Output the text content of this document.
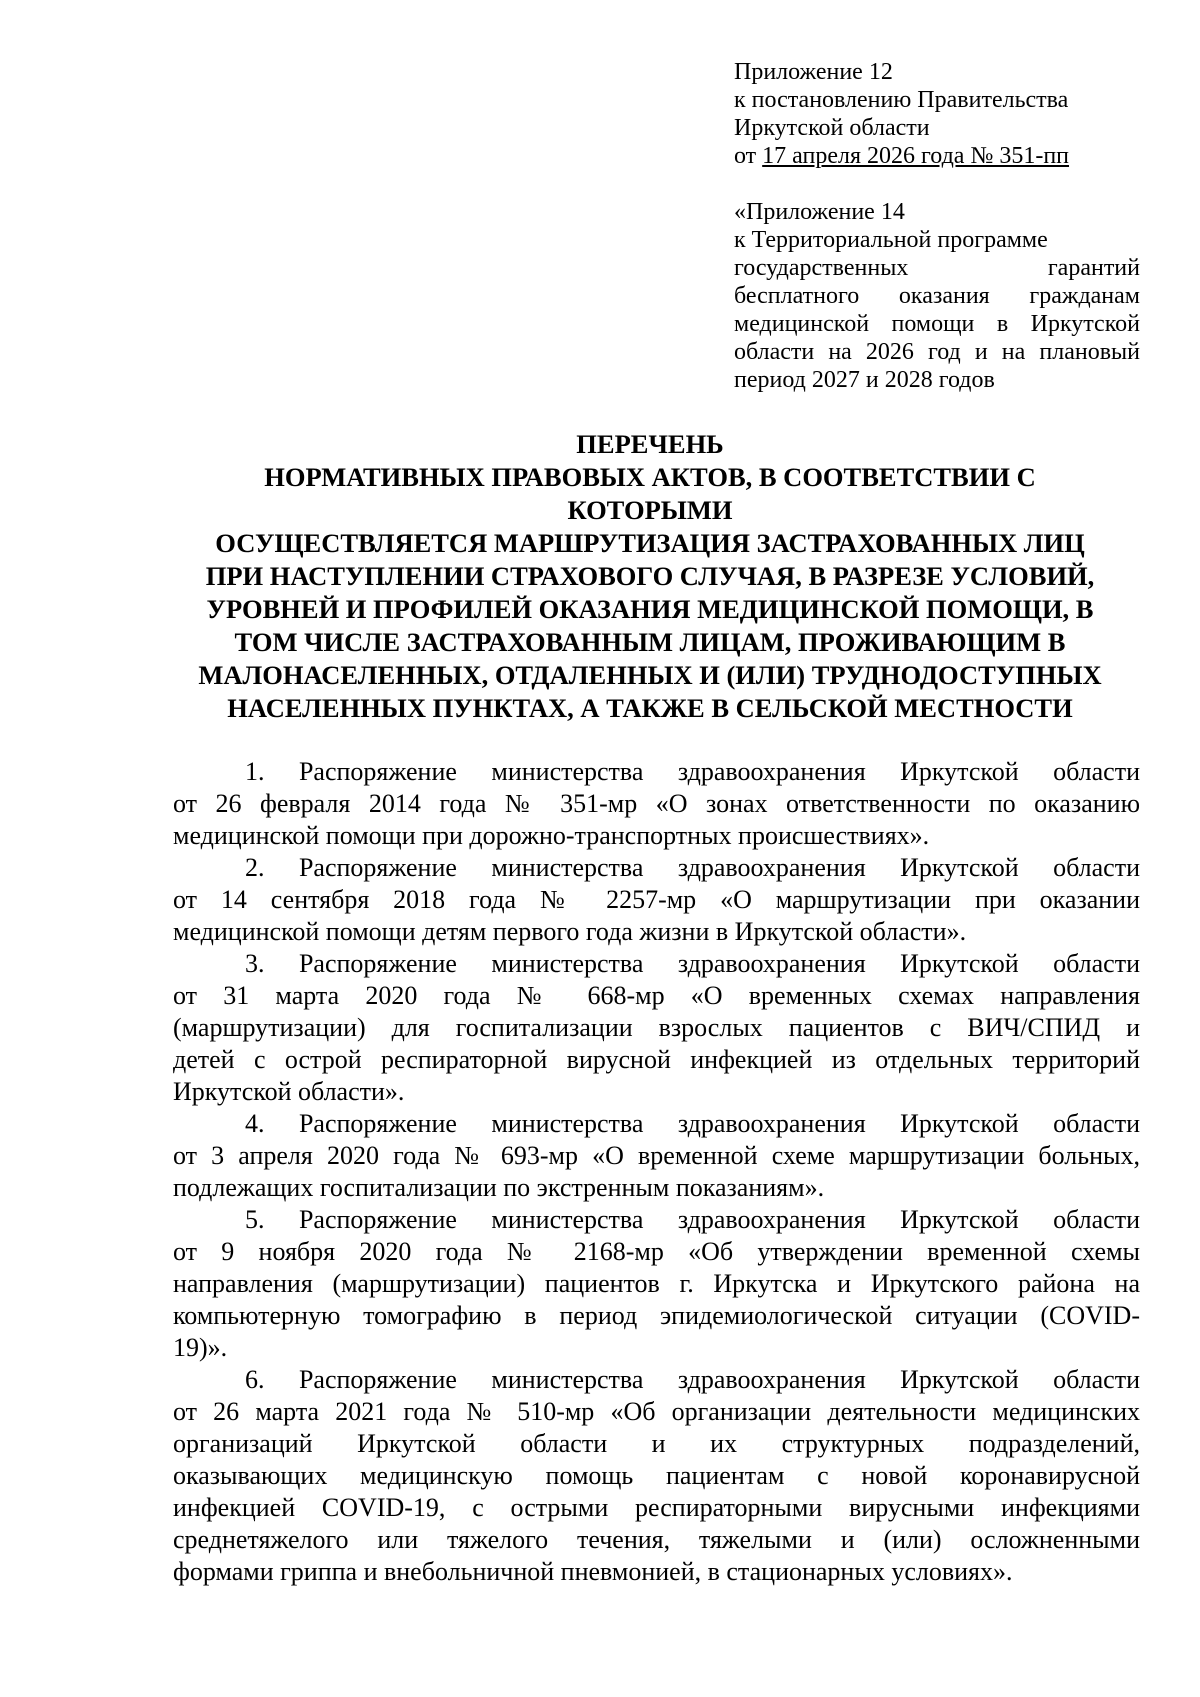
Приложение 12
к постановлению Правительства
Иркутской области
от 17 апреля 2026 года № 351-пп
«Приложение 14
к Территориальной программе
государственных гарантий
бесплатного оказания гражданам
медицинской помощи в Иркутской
области на 2026 год и на плановый
период 2027 и 2028 годов
ПЕРЕЧЕНЬ
НОРМАТИВНЫХ ПРАВОВЫХ АКТОВ, В СООТВЕТСТВИИ С
КОТОРЫМИ
ОСУЩЕСТВЛЯЕТСЯ МАРШРУТИЗАЦИЯ ЗАСТРАХОВАННЫХ ЛИЦ
ПРИ НАСТУПЛЕНИИ СТРАХОВОГО СЛУЧАЯ, В РАЗРЕЗЕ УСЛОВИЙ,
УРОВНЕЙ И ПРОФИЛЕЙ ОКАЗАНИЯ МЕДИЦИНСКОЙ ПОМОЩИ, В
ТОМ ЧИСЛЕ ЗАСТРАХОВАННЫМ ЛИЦАМ, ПРОЖИВАЮЩИМ В
МАЛОНАСЕЛЕННЫХ, ОТДАЛЕННЫХ И (ИЛИ) ТРУДНОДОСТУПНЫХ
НАСЕЛЕННЫХ ПУНКТАХ, А ТАКЖЕ В СЕЛЬСКОЙ МЕСТНОСТИ
1. Распоряжение министерства здравоохранения Иркутской области
от 26 февраля 2014 года № 351-мр «О зонах ответственности по оказанию
медицинской помощи при дорожно-транспортных происшествиях».
2. Распоряжение министерства здравоохранения Иркутской области
от 14 сентября 2018 года № 2257-мр «О маршрутизации при оказании
медицинской помощи детям первого года жизни в Иркутской области».
3. Распоряжение министерства здравоохранения Иркутской области
от 31 марта 2020 года № 668-мр «О временных схемах направления
(маршрутизации) для госпитализации взрослых пациентов с ВИЧ/СПИД и
детей с острой респираторной вирусной инфекцией из отдельных территорий
Иркутской области».
4. Распоряжение министерства здравоохранения Иркутской области
от 3 апреля 2020 года № 693-мр «О временной схеме маршрутизации больных,
подлежащих госпитализации по экстренным показаниям».
5. Распоряжение министерства здравоохранения Иркутской области
от 9 ноября 2020 года № 2168-мр «Об утверждении временной схемы
направления (маршрутизации) пациентов г. Иркутска и Иркутского района на
компьютерную томографию в период эпидемиологической ситуации (COVID-
19)».
6. Распоряжение министерства здравоохранения Иркутской области
от 26 марта 2021 года № 510-мр «Об организации деятельности медицинских
организаций Иркутской области и их структурных подразделений,
оказывающих медицинскую помощь пациентам с новой коронавирусной
инфекцией COVID-19, с острыми респираторными вирусными инфекциями
среднетяжелого или тяжелого течения, тяжелыми и (или) осложненными
формами гриппа и внебольничной пневмонией, в стационарных условиях».
